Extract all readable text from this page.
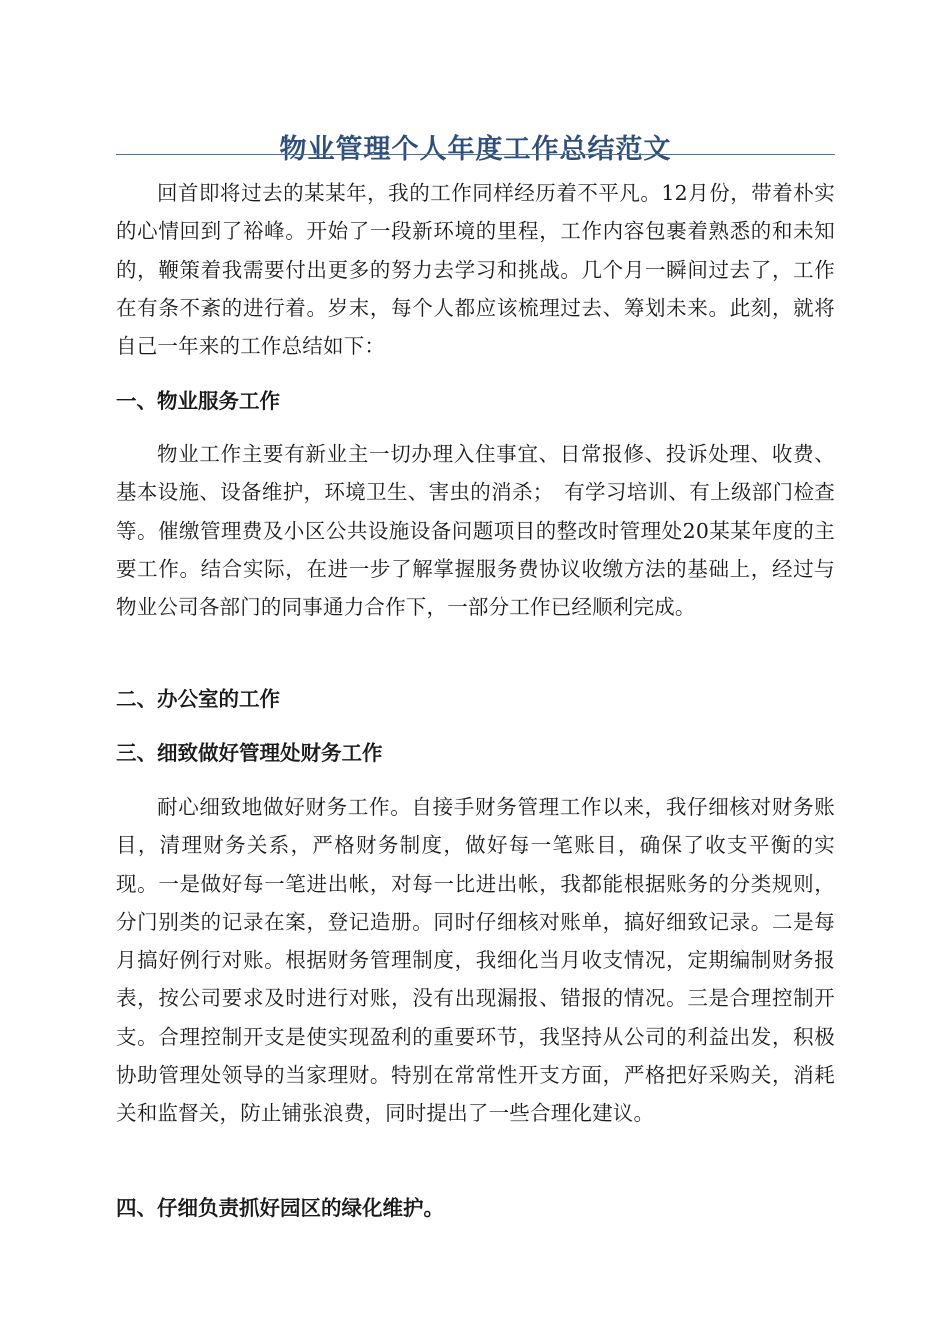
物业管理个人年度工作总结范文

回首即将过去的某某年，我的工作同样经历着不平凡。12月份，带着朴实的心情回到了裕峰。开始了一段新环境的里程，工作内容包裹着熟悉的和未知的，鞭策着我需要付出更多的努力去学习和挑战。几个月一瞬间过去了，工作在有条不紊的进行着。岁末，每个人都应该梳理过去、筹划未来。此刻，就将自己一年来的工作总结如下：

一、物业服务工作

物业工作主要有新业主一切办理入住事宜、日常报修、投诉处理、收费、基本设施、设备维护，环境卫生、害虫的消杀；　有学习培训、有上级部门检查等。催缴管理费及小区公共设施设备问题项目的整改时管理处20某某年度的主要工作。结合实际，在进一步了解掌握服务费协议收缴方法的基础上，经过与物业公司各部门的同事通力合作下，一部分工作已经顺利完成。

二、办公室的工作
三、细致做好管理处财务工作

耐心细致地做好财务工作。自接手财务管理工作以来，我仔细核对财务账目，清理财务关系，严格财务制度，做好每一笔账目，确保了收支平衡的实现。一是做好每一笔进出帐，对每一比进出帐，我都能根据账务的分类规则，分门别类的记录在案，登记造册。同时仔细核对账单，搞好细致记录。二是每月搞好例行对账。根据财务管理制度，我细化当月收支情况，定期编制财务报表，按公司要求及时进行对账，没有出现漏报、错报的情况。三是合理控制开支。合理控制开支是使实现盈利的重要环节，我坚持从公司的利益出发，积极协助管理处领导的当家理财。特别在常常性开支方面，严格把好采购关，消耗关和监督关，防止铺张浪费，同时提出了一些合理化建议。

四、仔细负责抓好园区的绿化维护。
